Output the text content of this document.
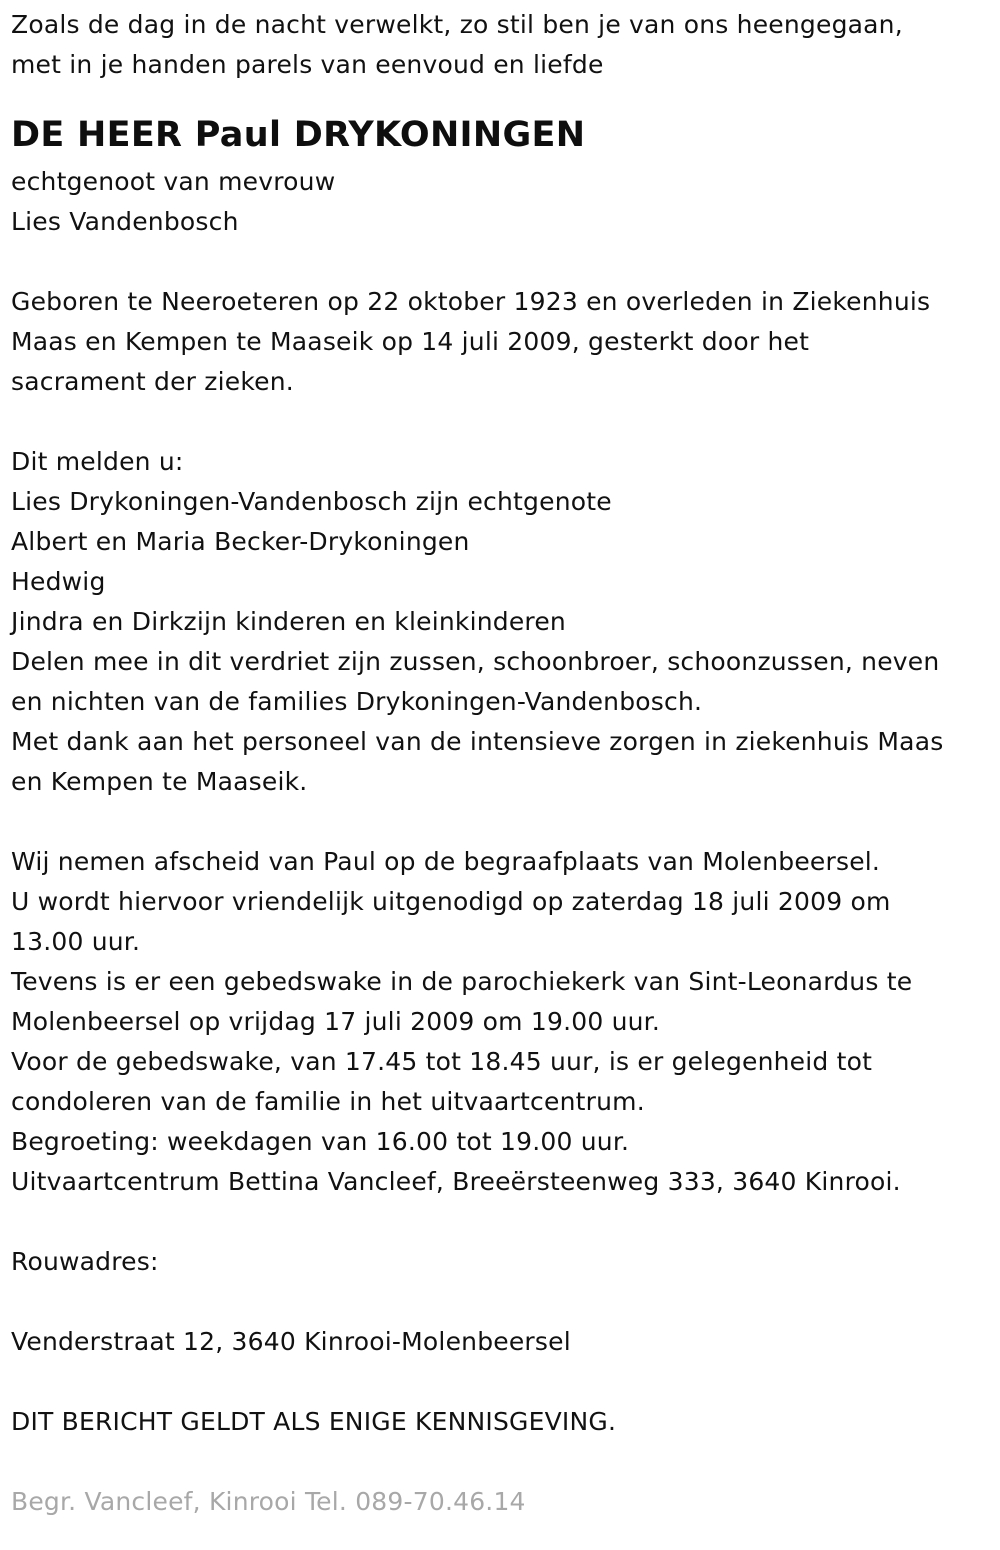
Zoals de dag in de nacht verwelkt, zo stil ben je van ons heengegaan,
met in je handen parels van eenvoud en liefde
DE HEER Paul DRYKONINGEN
echtgenoot van mevrouw
Lies Vandenbosch
Geboren te Neeroeteren op 22 oktober 1923 en overleden in Ziekenhuis
Maas en Kempen te Maaseik op 14 juli 2009, gesterkt door het
sacrament der zieken.
Dit melden u:
Lies Drykoningen-Vandenbosch zijn echtgenote
Albert en Maria Becker-Drykoningen
Hedwig
Jindra en Dirkzijn kinderen en kleinkinderen
Delen mee in dit verdriet zijn zussen, schoonbroer, schoonzussen, neven
en nichten van de families Drykoningen-Vandenbosch.
Met dank aan het personeel van de intensieve zorgen in ziekenhuis Maas
en Kempen te Maaseik.
Wij nemen afscheid van Paul op de begraafplaats van Molenbeersel.
U wordt hiervoor vriendelijk uitgenodigd op zaterdag 18 juli 2009 om
13.00 uur.
Tevens is er een gebedswake in de parochiekerk van Sint-Leonardus te
Molenbeersel op vrijdag 17 juli 2009 om 19.00 uur.
Voor de gebedswake, van 17.45 tot 18.45 uur, is er gelegenheid tot
condoleren van de familie in het uitvaartcentrum.
Begroeting: weekdagen van 16.00 tot 19.00 uur.
Uitvaartcentrum Bettina Vancleef, Breeërsteenweg 333, 3640 Kinrooi.
Rouwadres:
Venderstraat 12, 3640 Kinrooi-Molenbeersel
DIT BERICHT GELDT ALS ENIGE KENNISGEVING.
Begr. Vancleef, Kinrooi Tel. 089-70.46.14
